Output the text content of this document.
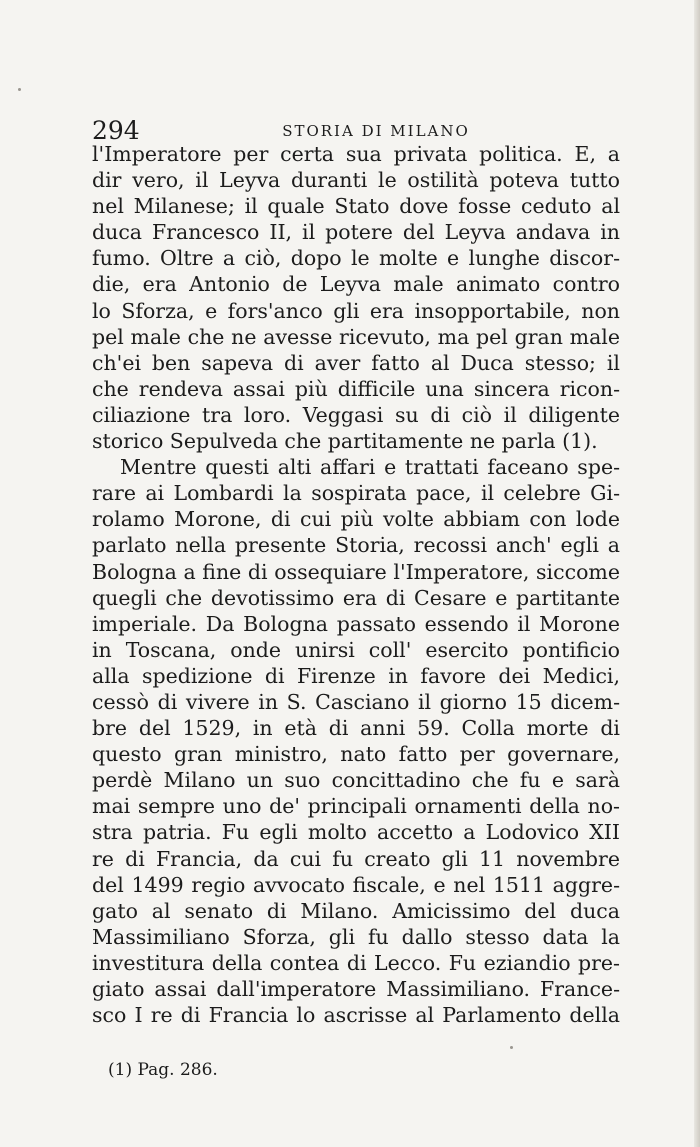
294	STORIA DI MILANO
l'Imperatore per certa sua privata politica. E, a
dir vero, il Leyva duranti le ostilità poteva tutto
nel Milanese; il quale Stato dove fosse ceduto al
duca Francesco II, il potere del Leyva andava in
fumo. Oltre a ciò, dopo le molte e lunghe discor-
die, era Antonio de Leyva male animato contro
lo Sforza, e fors'anco gli era insopportabile, non
pel male che ne avesse ricevuto, ma pel gran male
ch'ei ben sapeva di aver fatto al Duca stesso; il
che rendeva assai più difficile una sincera ricon-
ciliazione tra loro. Veggasi su di ciò il diligente
storico Sepulveda che partitamente ne parla (1).
Mentre questi alti affari e trattati faceano spe-
rare ai Lombardi la sospirata pace, il celebre Gi-
rolamo Morone, di cui più volte abbiam con lode
parlato nella presente Storia, recossi anch' egli a
Bologna a fine di ossequiare l'Imperatore, siccome
quegli che devotissimo era di Cesare e partitante
imperiale. Da Bologna passato essendo il Morone
in Toscana, onde unirsi coll' esercito pontificio
alla spedizione di Firenze in favore dei Medici,
cessò di vivere in S. Casciano il giorno 15 dicem-
bre del 1529, in età di anni 59. Colla morte di
questo gran ministro, nato fatto per governare,
perdè Milano un suo concittadino che fu e sarà
mai sempre uno de' principali ornamenti della no-
stra patria. Fu egli molto accetto a Lodovico XII
re di Francia, da cui fu creato gli 11 novembre
del 1499 regio avvocato fiscale, e nel 1511 aggre-
gato al senato di Milano. Amicissimo del duca
Massimiliano Sforza, gli fu dallo stesso data la
investitura della contea di Lecco. Fu eziandio pre-
giato assai dall'imperatore Massimiliano. France-
sco I re di Francia lo ascrisse al Parlamento della
(1) Pag. 286.
